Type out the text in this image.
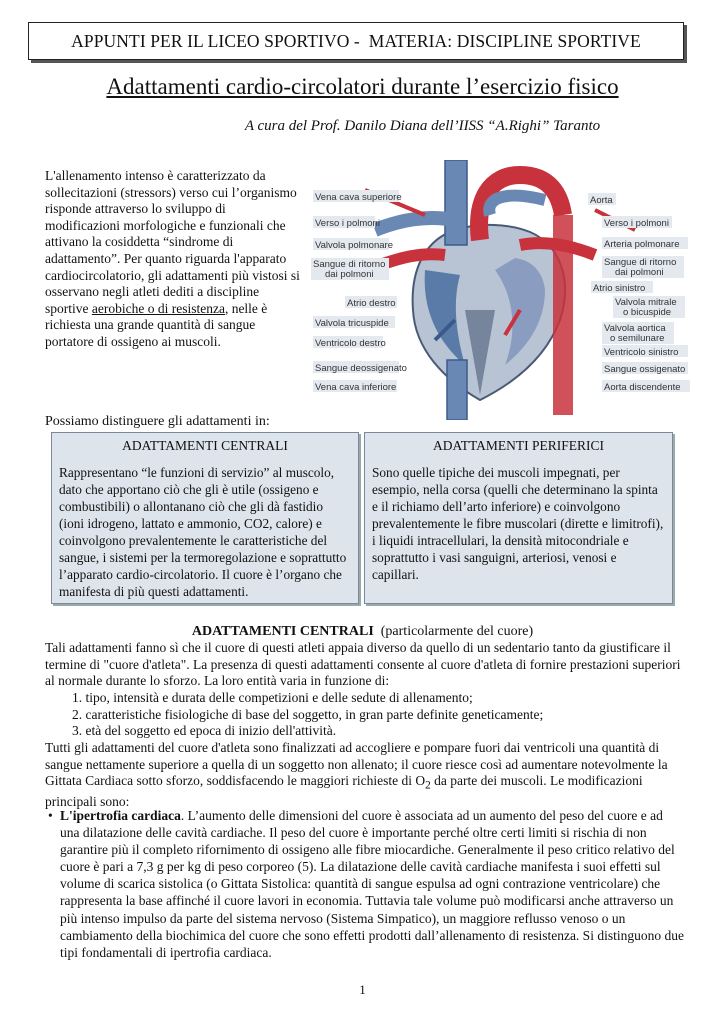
APPUNTI PER IL LICEO SPORTIVO -  MATERIA: DISCIPLINE SPORTIVE
Adattamenti cardio-circolatori durante l’esercizio fisico
A cura del Prof. Danilo Diana dell’IISS “A.Righi” Taranto
L'allenamento intenso è caratterizzato da sollecitazioni (stressors) verso cui l’organismo risponde attraverso lo sviluppo di modificazioni morfologiche e funzionali che attivano la cosiddetta “sindrome di adattamento”. Per quanto riguarda l'apparato cardiocircolatorio, gli adattamenti più vistosi si osservano negli atleti dediti a discipline sportive aerobiche o di resistenza, nelle è richiesta una grande quantità di sangue portatore di ossigeno ai muscoli.
Vena cava superiore
Verso i polmoni
Valvola polmonare
Sangue di ritorno
dai polmoni
Atrio destro
Valvola tricuspide
Ventricolo destro
Sangue deossigenato
Vena cava inferiore
Aorta
Verso i polmoni
Arteria polmonare
Sangue di ritorno
dai polmoni
Atrio sinistro
Valvola mitrale
o bicuspide
Valvola aortica
o semilunare
Ventricolo sinistro
Sangue ossigenato
Aorta discendente
Possiamo distinguere gli adattamenti in:
ADATTAMENTI CENTRALI
Rappresentano “le funzioni di servizio” al muscolo, dato che apportano ciò che gli è utile (ossigeno e combustibili) o allontanano ciò che gli dà fastidio (ioni idrogeno, lattato e ammonio, CO2, calore) e coinvolgono prevalentemente le caratteristiche del sangue, i sistemi per la termoregolazione e soprattutto l’apparato cardio-circolatorio. Il cuore è l’organo che manifesta di più questi adattamenti.
ADATTAMENTI PERIFERICI
Sono quelle tipiche dei muscoli impegnati, per esempio, nella corsa (quelli che determinano la spinta e il richiamo dell’arto inferiore) e coinvolgono prevalentemente le fibre muscolari (dirette e limitrofi), i liquidi intracellulari, la densità mitocondriale e soprattutto i vasi sanguigni, arteriosi, venosi e capillari.
ADATTAMENTI CENTRALI (particolarmente del cuore)
Tali adattamenti fanno sì che il cuore di questi atleti appaia diverso da quello di un sedentario tanto da giustificare il termine di "cuore d'atleta". La presenza di questi adattamenti consente al cuore d'atleta di fornire prestazioni superiori al normale durante lo sforzo. La loro entità varia in funzione di:
1. tipo, intensità e durata delle competizioni e delle sedute di allenamento;
2. caratteristiche fisiologiche di base del soggetto, in gran parte definite geneticamente;
3. età del soggetto ed epoca di inizio dell'attività.
Tutti gli adattamenti del cuore d'atleta sono finalizzati ad accogliere e pompare fuori dai ventricoli una quantità di sangue nettamente superiore a quella di un soggetto non allenato; il cuore riesce così ad aumentare notevolmente la Gittata Cardiaca sotto sforzo, soddisfacendo le maggiori richieste di $O_2$ da parte dei muscoli. Le modificazioni principali sono:
• L'ipertrofia cardiaca. L’aumento delle dimensioni del cuore è associata ad un aumento del peso del cuore e ad una dilatazione delle cavità cardiache. Il peso del cuore è importante perché oltre certi limiti si rischia di non garantire più il completo rifornimento di ossigeno alle fibre miocardiche. Generalmente il peso critico relativo del cuore è pari a 7,3 g per kg di peso corporeo (5). La dilatazione delle cavità cardiache manifesta i suoi effetti sul volume di scarica sistolica (o Gittata Sistolica: quantità di sangue espulsa ad ogni contrazione ventricolare) che rappresenta la base affinché il cuore lavori in economia. Tuttavia tale volume può modificarsi anche attraverso un più intenso impulso da parte del sistema nervoso (Sistema Simpatico), un maggiore reflusso venoso o un cambiamento della biochimica del cuore che sono effetti prodotti dall’allenamento di resistenza. Si distinguono due tipi fondamentali di ipertrofia cardiaca.
1
